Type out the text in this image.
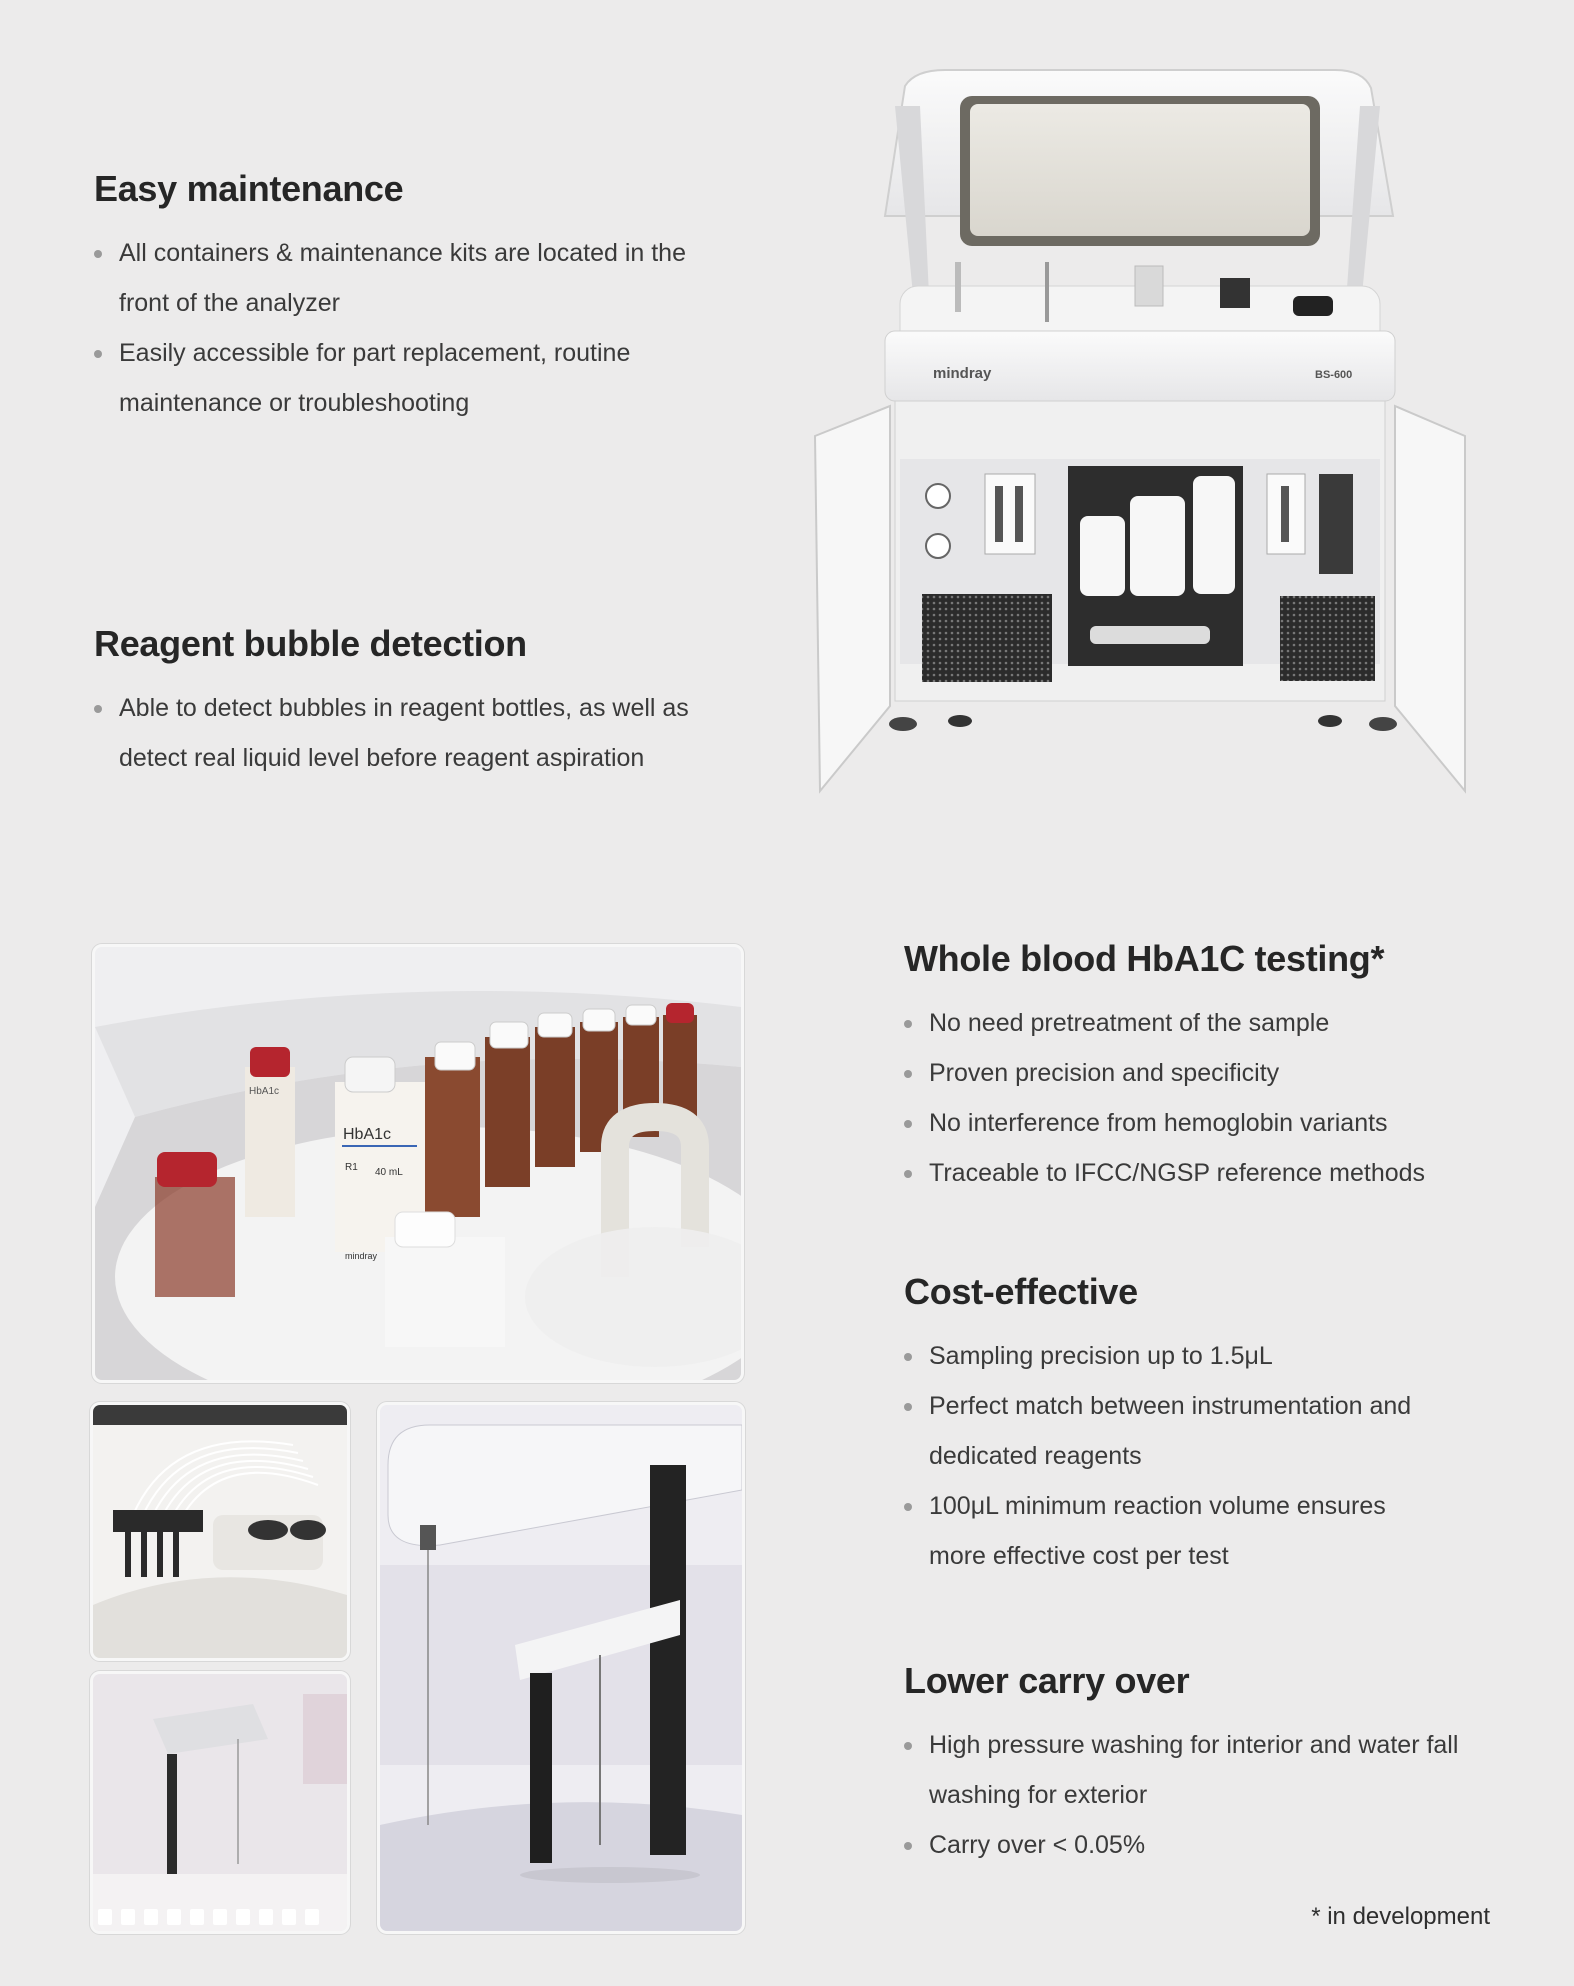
Easy maintenance
All containers & maintenance kits are located in the
front of the analyzer
Easily accessible for part replacement, routine
maintenance or troubleshooting
Reagent bubble detection
Able to detect bubbles in reagent bottles, as well as
detect real liquid level before reagent aspiration
Whole blood HbA1C testing*
No need pretreatment of the sample
Proven precision and specificity
No interference from hemoglobin variants
Traceable to IFCC/NGSP reference methods
Cost-effective
Sampling precision up to 1.5μL
Perfect match between instrumentation and
dedicated reagents
100μL minimum reaction volume ensures
more effective cost per test
Lower carry over
High pressure washing for interior and water fall
washing for exterior
Carry over < 0.05%
* in development
mindray	BS-600
HbA1c
R1 40 mL
mindray
HbA1c
